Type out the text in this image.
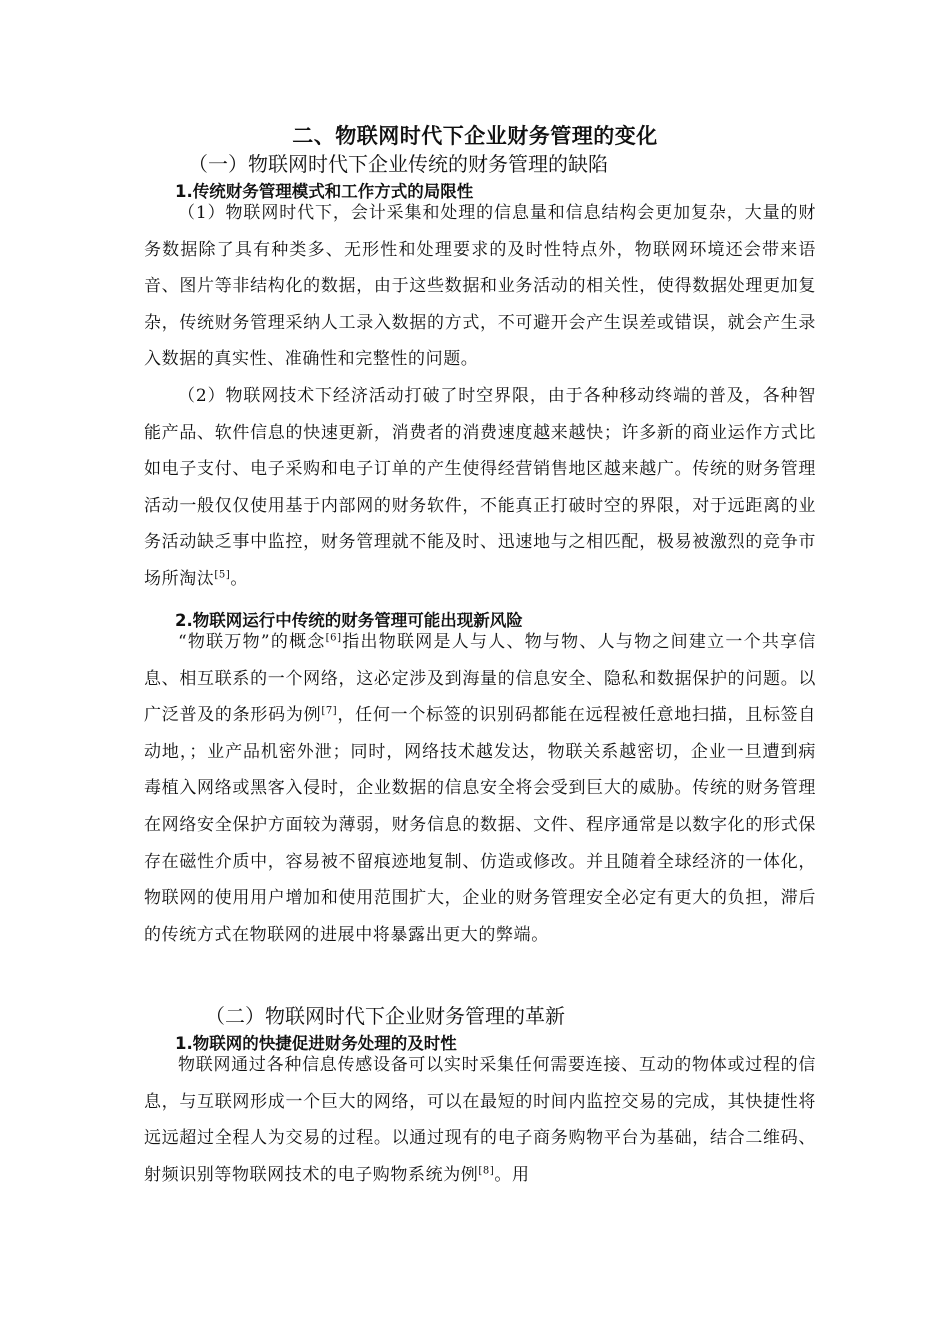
二、物联网时代下企业财务管理的变化
（一）物联网时代下企业传统的财务管理的缺陷
1.传统财务管理模式和工作方式的局限性

（1）物联网时代下，会计采集和处理的信息量和信息结构会更加复杂，大量的财务数据除了具有种类多、无形性和处理要求的及时性特点外，物联网环境还会带来语音、图片等非结构化的数据，由于这些数据和业务活动的相关性，使得数据处理更加复杂，传统财务管理采纳人工录入数据的方式，不可避开会产生误差或错误，就会产生录入数据的真实性、准确性和完整性的问题。

（2）物联网技术下经济活动打破了时空界限，由于各种移动终端的普及，各种智能产品、软件信息的快速更新，消费者的消费速度越来越快；许多新的商业运作方式比如电子支付、电子采购和电子订单的产生使得经营销售地区越来越广。传统的财务管理活动一般仅仅使用基于内部网的财务软件，不能真正打破时空的界限，对于远距离的业务活动缺乏事中监控，财务管理就不能及时、迅速地与之相匹配，极易被激烈的竞争市场所淘汰[5]。

2.物联网运行中传统的财务管理可能出现新风险

“物联万物”的概念[6]指出物联网是人与人、物与物、人与物之间建立一个共享信息、相互联系的一个网络，这必定涉及到海量的信息安全、隐私和数据保护的问题。以广泛普及的条形码为例[7]，任何一个标签的识别码都能在远程被任意地扫描，且标签自动地，；业产品机密外泄；同时，网络技术越发达，物联关系越密切，企业一旦遭到病毒植入网络或黑客入侵时，企业数据的信息安全将会受到巨大的威胁。传统的财务管理在网络安全保护方面较为薄弱，财务信息的数据、文件、程序通常是以数字化的形式保存在磁性介质中，容易被不留痕迹地复制、仿造或修改。并且随着全球经济的一体化，物联网的使用用户增加和使用范围扩大，企业的财务管理安全必定有更大的负担，滞后的传统方式在物联网的进展中将暴露出更大的弊端。

（二）物联网时代下企业财务管理的革新
1.物联网的快捷促进财务处理的及时性

物联网通过各种信息传感设备可以实时采集任何需要连接、互动的物体或过程的信息，与互联网形成一个巨大的网络，可以在最短的时间内监控交易的完成，其快捷性将远远超过全程人为交易的过程。以通过现有的电子商务购物平台为基础，结合二维码、射频识别等物联网技术的电子购物系统为例[8]。用
